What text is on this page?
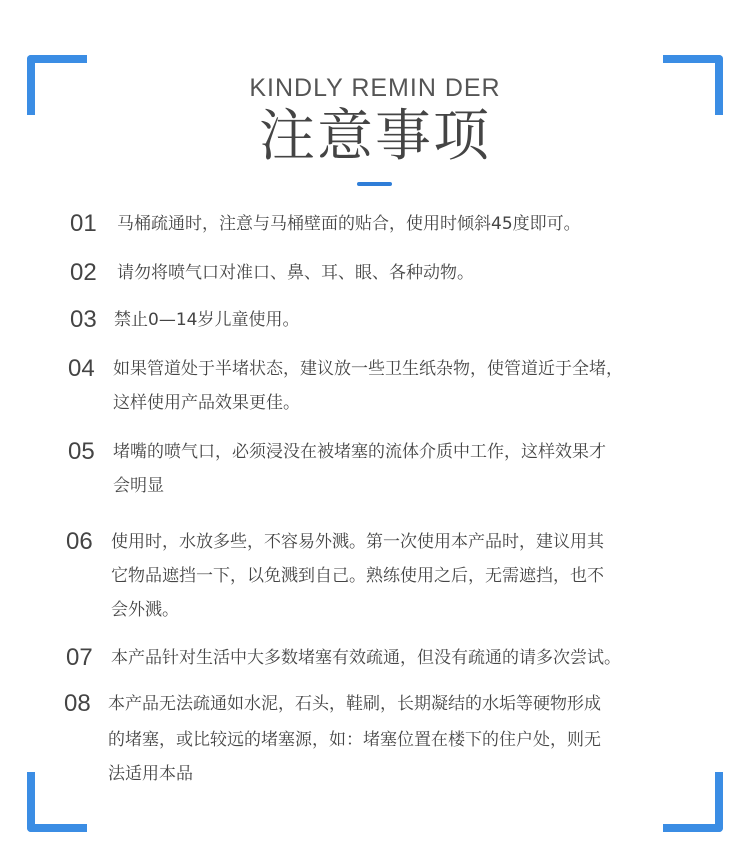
KINDLY REMIN DER
注意事项
01 马桶疏通时，注意与马桶壁面的贴合，使用时倾斜45度即可。
02 请勿将喷气口对准口、鼻、耳、眼、各种动物。
03 禁止0—14岁儿童使用。
04 如果管道处于半堵状态，建议放一些卫生纸杂物，使管道近于全堵，
这样使用产品效果更佳。
05 堵嘴的喷气口，必须浸没在被堵塞的流体介质中工作，这样效果才
会明显
06 使用时，水放多些，不容易外溅。第一次使用本产品时，建议用其
它物品遮挡一下，以免溅到自己。熟练使用之后，无需遮挡，也不
会外溅。
07 本产品针对生活中大多数堵塞有效疏通，但没有疏通的请多次尝试。
08 本产品无法疏通如水泥，石头，鞋刷，长期凝结的水垢等硬物形成
的堵塞，或比较远的堵塞源，如：堵塞位置在楼下的住户处，则无
法适用本品
